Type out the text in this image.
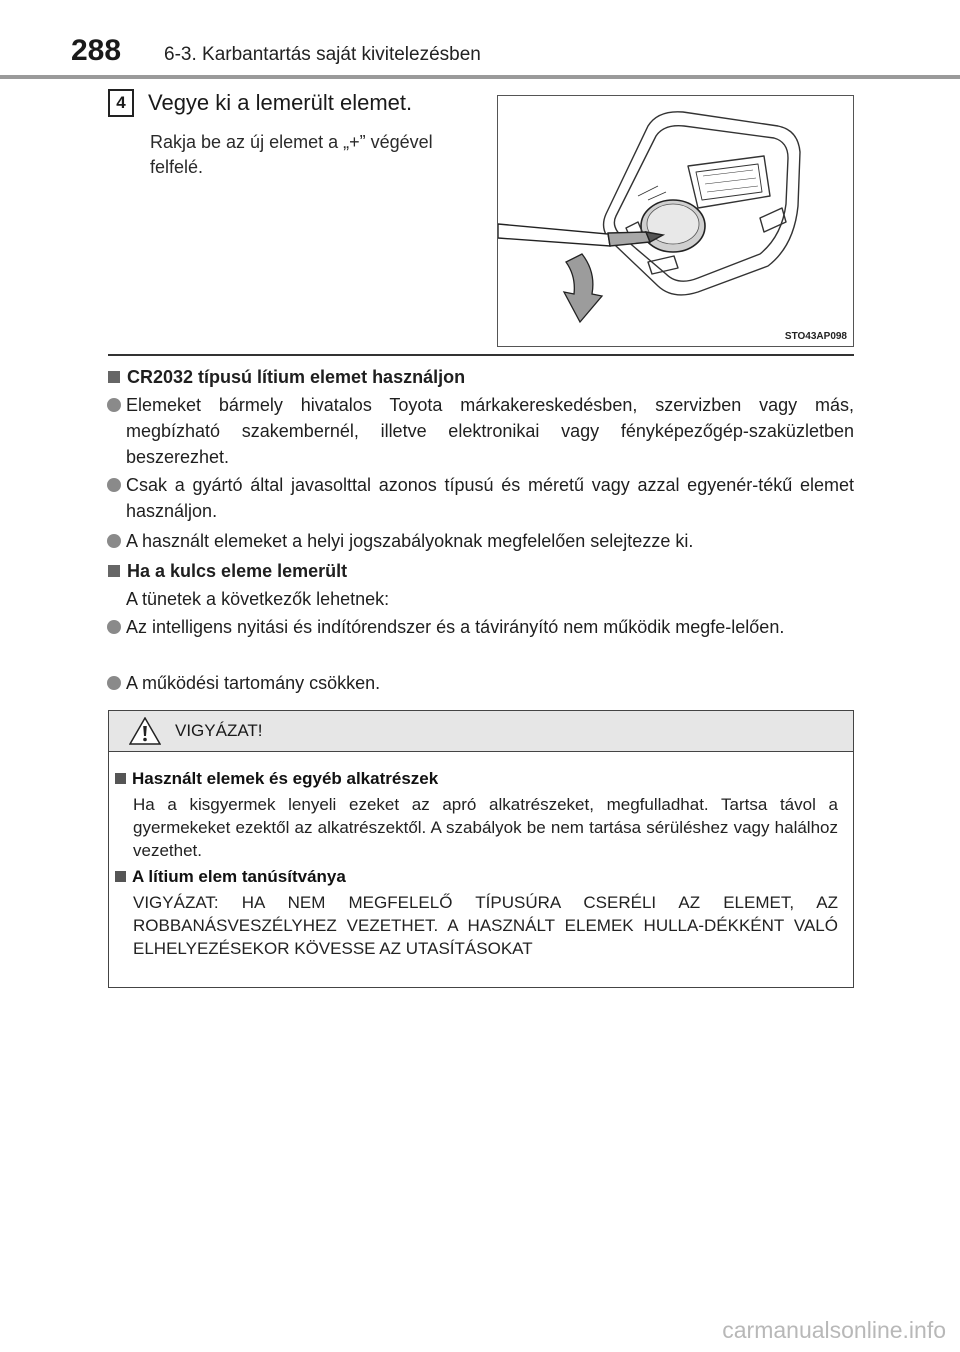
288 6-3. Karbantartás saját kivitelezésben
4	Vegye ki a lemerült elemet.
Rakja be az új elemet a „+” végével felfelé.
STO43AP098
CR2032 típusú lítium elemet használjon
Elemeket bármely hivatalos Toyota márkakereskedésben, szervizben vagy más, megbízható szakembernél, illetve elektronikai vagy fényképezőgép-szaküzletben beszerezhet.
Csak a gyártó által javasolttal azonos típusú és méretű vagy azzal egyenér-tékű elemet használjon.
A használt elemeket a helyi jogszabályoknak megfelelően selejtezze ki.
Ha a kulcs eleme lemerült
A tünetek a következők lehetnek:
Az intelligens nyitási és indítórendszer és a távirányító nem működik megfe-lelően.
A működési tartomány csökken.
VIGYÁZAT!
Használt elemek és egyéb alkatrészek
Ha a kisgyermek lenyeli ezeket az apró alkatrészeket, megfulladhat. Tartsa távol a gyermekeket ezektől az alkatrészektől. A szabályok be nem tartása sérüléshez vagy halálhoz vezethet.
A lítium elem tanúsítványa
VIGYÁZAT: HA NEM MEGFELELŐ TÍPUSÚRA CSERÉLI AZ ELEMET, AZ ROBBANÁSVESZÉLYHEZ VEZETHET. A HASZNÁLT ELEMEK HULLA-DÉKKÉNT VALÓ ELHELYEZÉSEKOR KÖVESSE AZ UTASÍTÁSOKAT
carmanualsonline.info
